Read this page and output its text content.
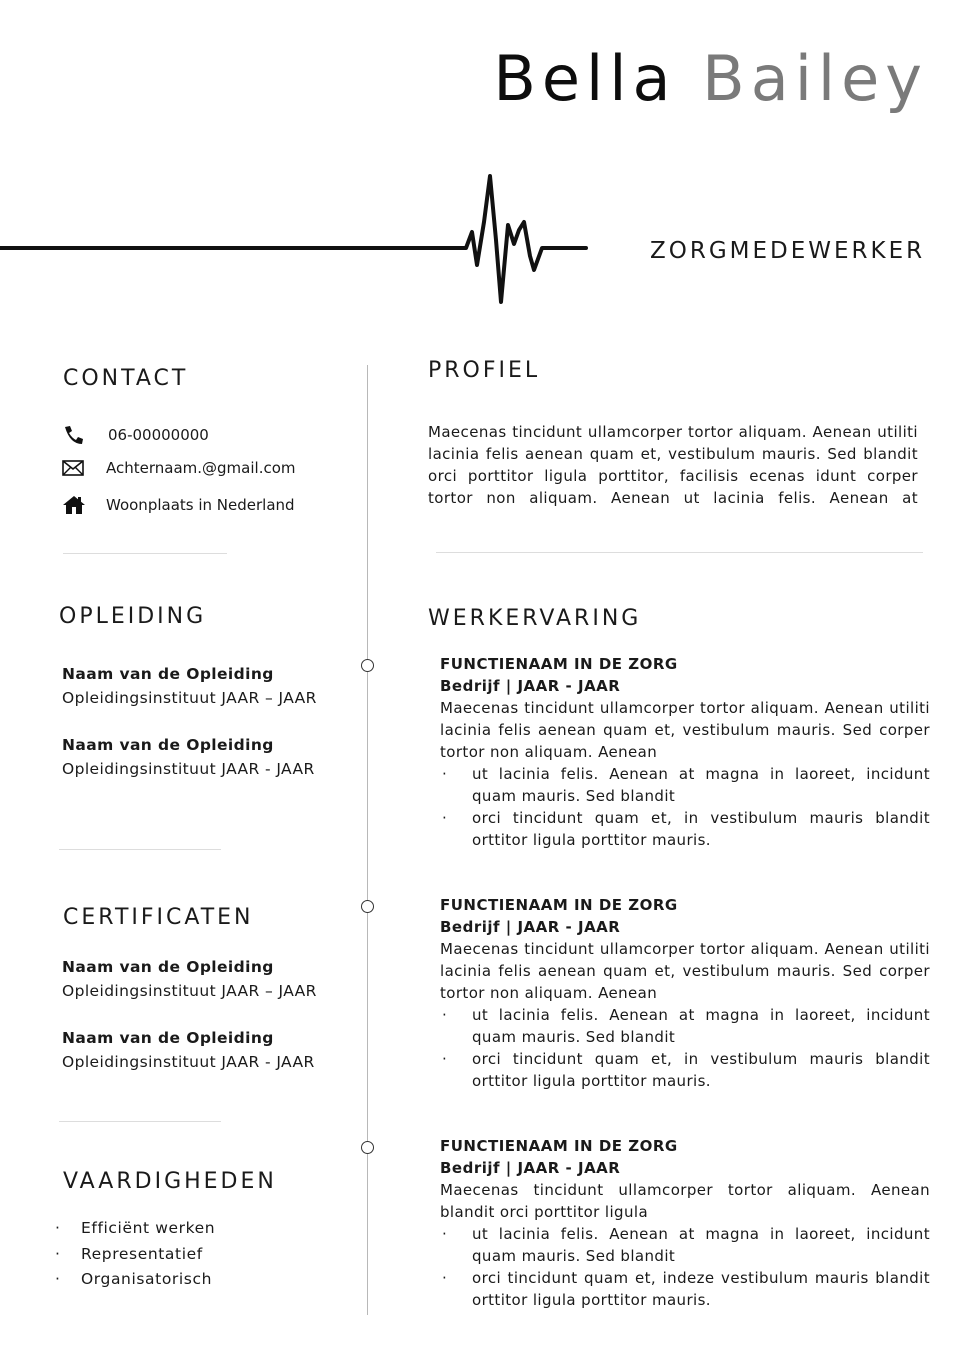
Bella Bailey
ZORGMEDEWERKER
CONTACT
06-00000000
Achternaam.@gmail.com
Woonplaats in Nederland
OPLEIDING
Naam van de Opleiding
Opleidingsinstituut JAAR – JAAR
Naam van de Opleiding
Opleidingsinstituut JAAR - JAAR
CERTIFICATEN
Naam van de Opleiding
Opleidingsinstituut JAAR – JAAR
Naam van de Opleiding
Opleidingsinstituut JAAR - JAAR
VAARDIGHEDEN
·	Efficiënt werken
·	Representatief
·	Organisatorisch
PROFIEL
Maecenas tincidunt ullamcorper tortor aliquam. Aenean utiliti lacinia felis aenean quam et, vestibulum mauris. Sed blandit orci porttitor ligula porttitor, facilisis ecenas idunt corper tortor non aliquam. Aenean ut lacinia felis. Aenean at
WERKERVARING
FUNCTIENAAM IN DE ZORG
Bedrijf | JAAR - JAAR
Maecenas tincidunt ullamcorper tortor aliquam. Aenean utiliti lacinia felis aenean quam et, vestibulum mauris. Sed corper tortor non aliquam. Aenean
·	ut lacinia felis. Aenean at magna in laoreet, incidunt quam mauris. Sed blandit
·	orci tincidunt quam et, in vestibulum mauris blandit orttitor ligula porttitor mauris.
FUNCTIENAAM IN DE ZORG
Bedrijf | JAAR - JAAR
Maecenas tincidunt ullamcorper tortor aliquam. Aenean utiliti lacinia felis aenean quam et, vestibulum mauris. Sed corper tortor non aliquam. Aenean
·	ut lacinia felis. Aenean at magna in laoreet, incidunt quam mauris. Sed blandit
·	orci tincidunt quam et, in vestibulum mauris blandit orttitor ligula porttitor mauris.
FUNCTIENAAM IN DE ZORG
Bedrijf | JAAR - JAAR
Maecenas tincidunt ullamcorper tortor aliquam. Aenean blandit orci porttitor ligula
·	ut lacinia felis. Aenean at magna in laoreet, incidunt quam mauris. Sed blandit
·	orci tincidunt quam et, indeze vestibulum mauris blandit orttitor ligula porttitor mauris.
